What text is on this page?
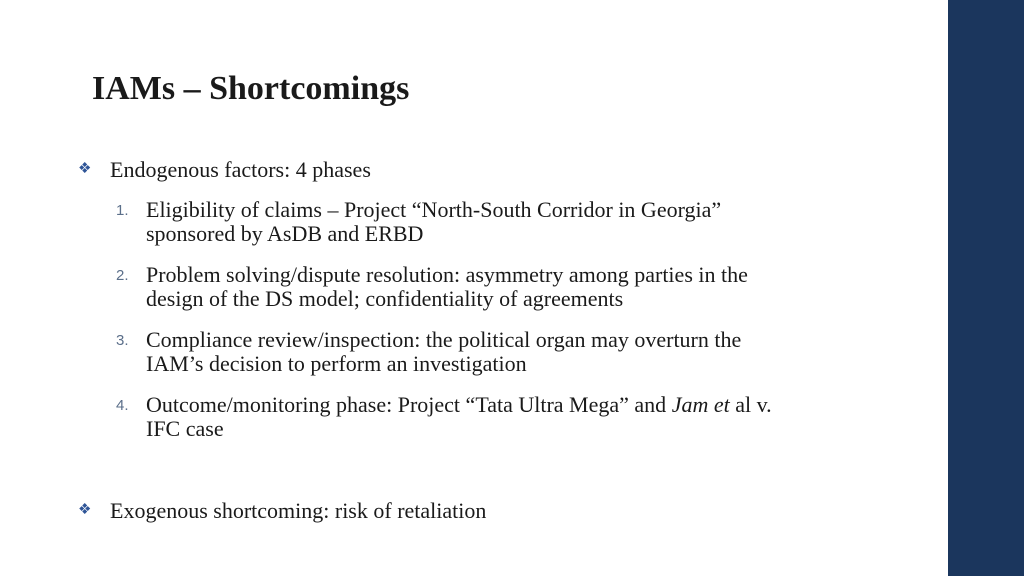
IAMs – Shortcomings
❖ Endogenous factors: 4 phases
1. Eligibility of claims – Project “North-South Corridor in Georgia”
sponsored by AsDB and ERBD
2. Problem solving/dispute resolution: asymmetry among parties in the
design of the DS model; confidentiality of agreements
3. Compliance review/inspection: the political organ may overturn the
IAM’s decision to perform an investigation
4. Outcome/monitoring phase: Project “Tata Ultra Mega” and Jam et al v.
IFC case
❖ Exogenous shortcoming: risk of retaliation
